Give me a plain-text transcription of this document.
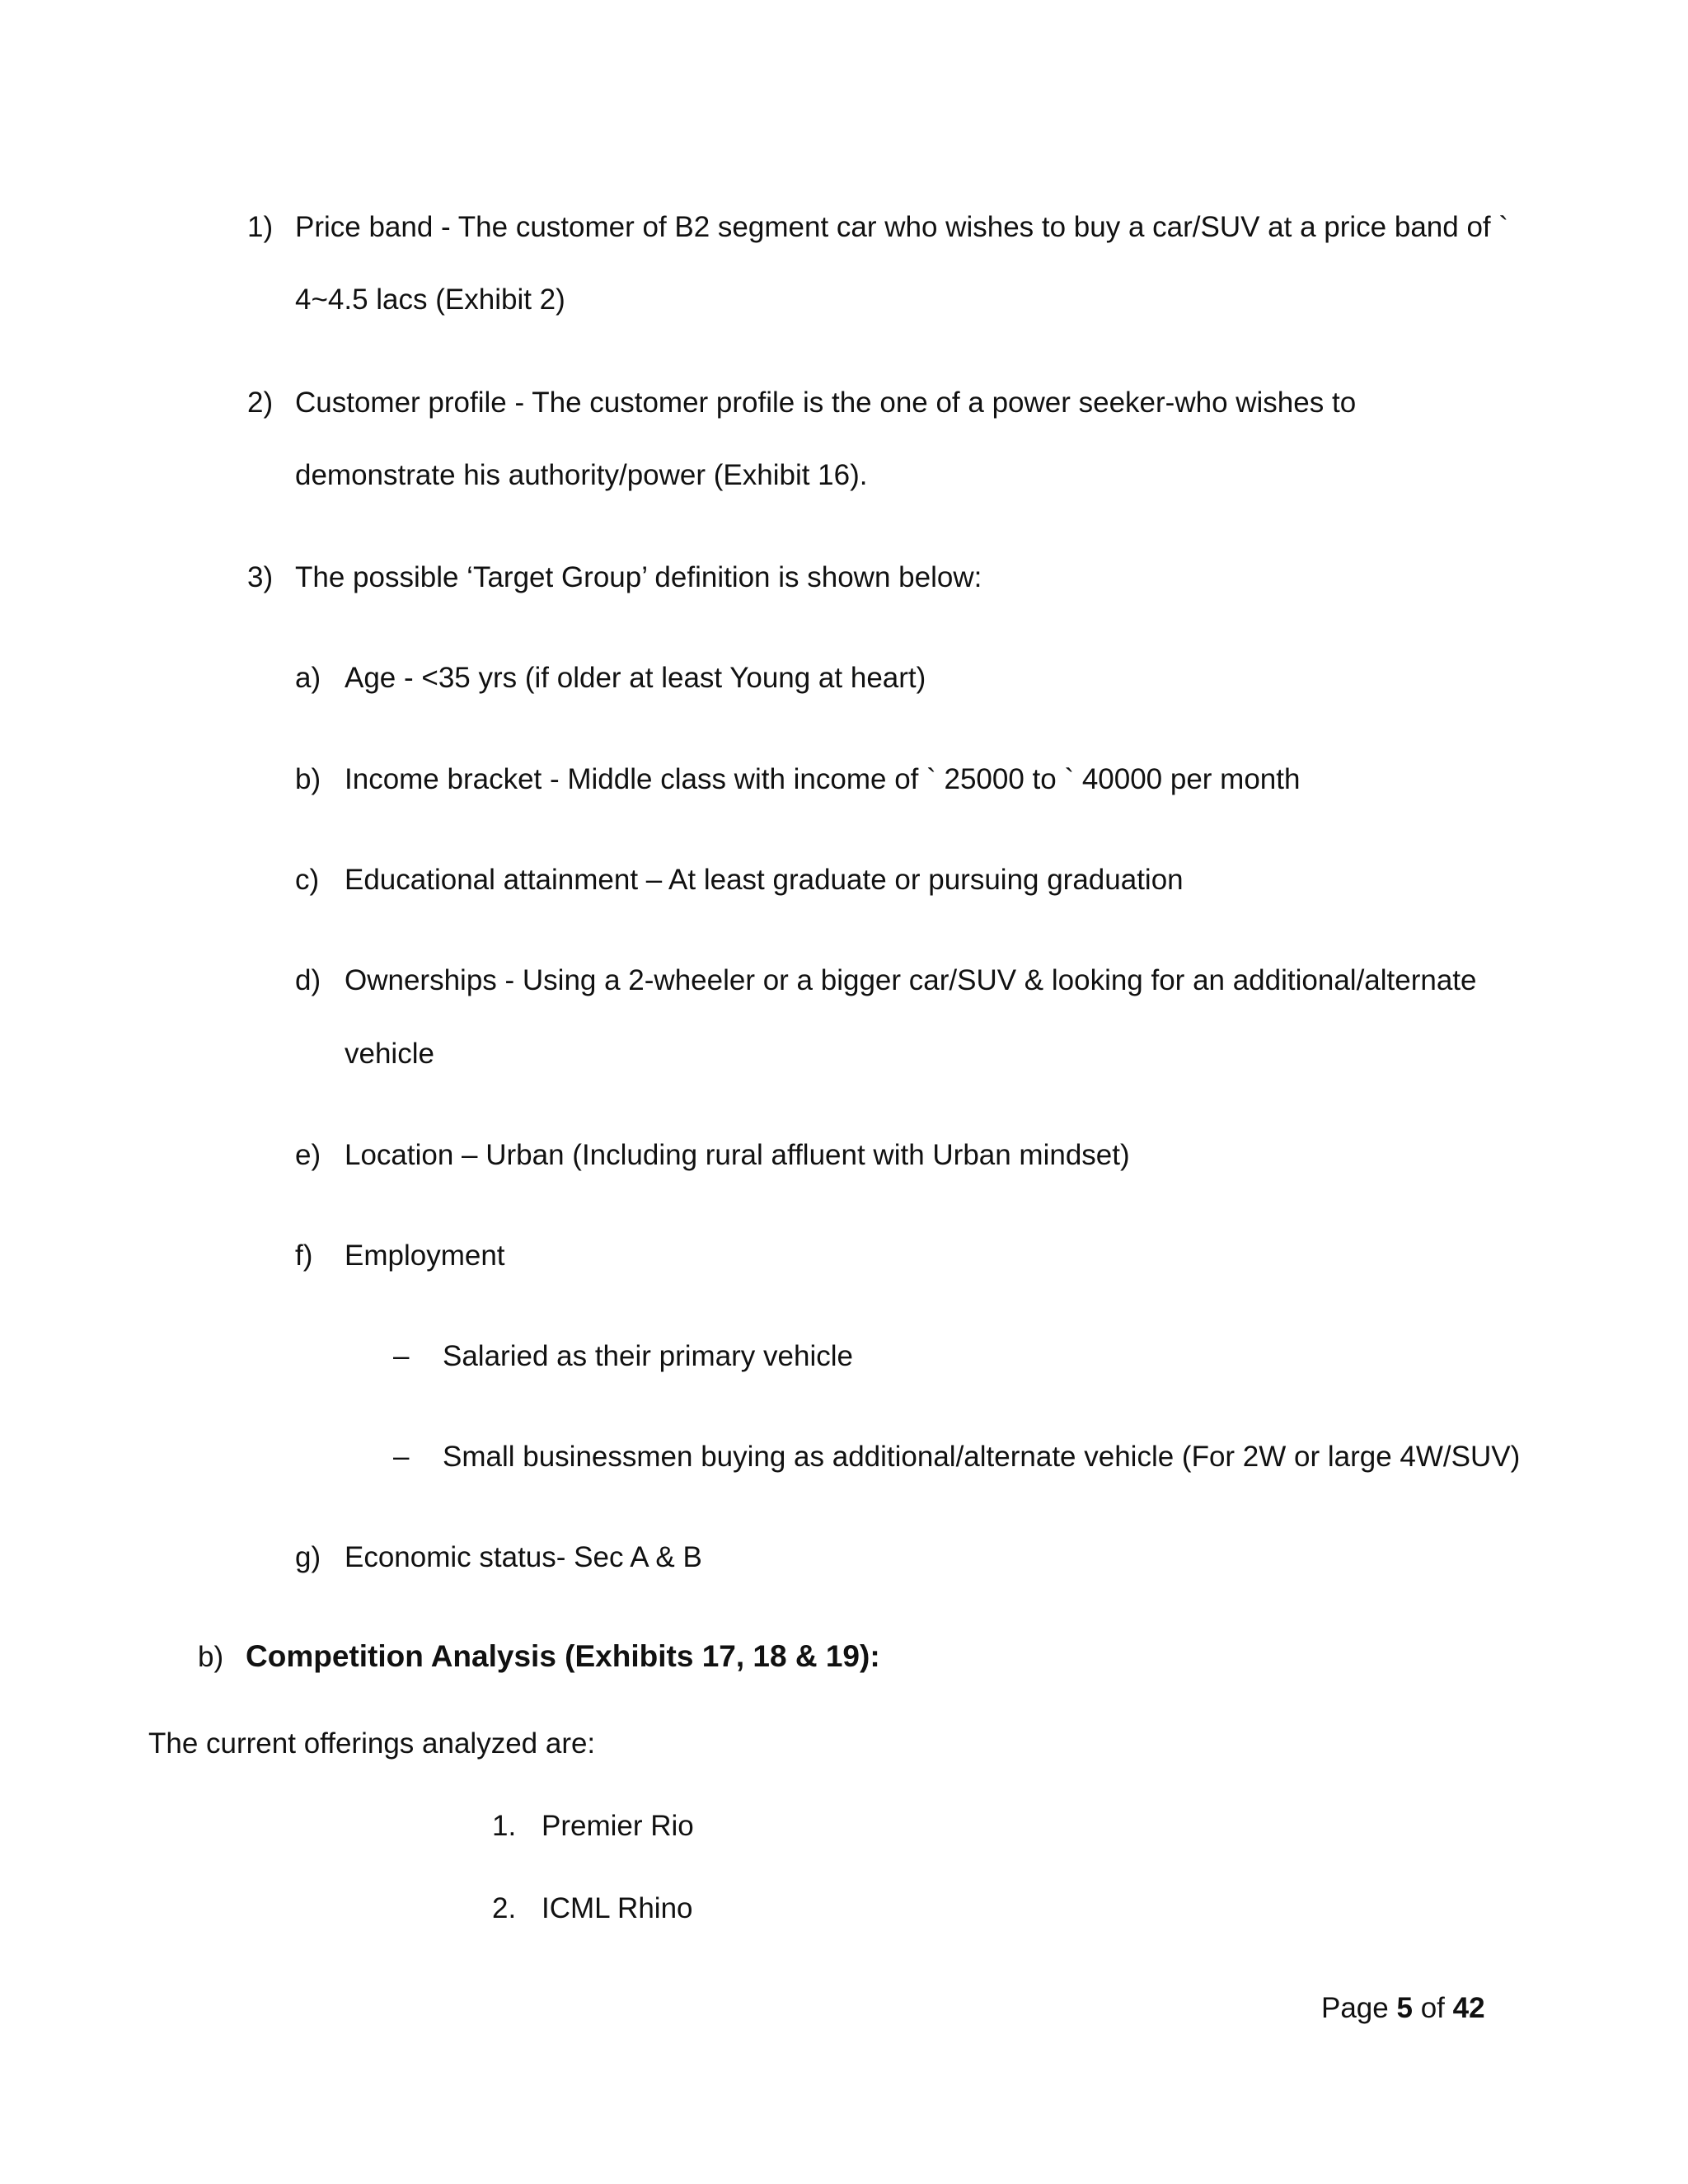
1) Price band - The customer of B2 segment car who wishes to buy a car/SUV at a price band of `
4~4.5 lacs (Exhibit 2)
2) Customer profile - The customer profile is the one of a power seeker-who wishes to
demonstrate his authority/power (Exhibit 16).
3) The possible ‘Target Group’ definition is shown below:
a) Age - <35 yrs (if older at least Young at heart)
b) Income bracket - Middle class with income of ` 25000 to ` 40000 per month
c) Educational attainment – At least graduate or pursuing graduation
d) Ownerships - Using a 2-wheeler or a bigger car/SUV & looking for an additional/alternate
vehicle
e) Location – Urban (Including rural affluent with Urban mindset)
f) Employment
– Salaried as their primary vehicle
– Small businessmen buying as additional/alternate vehicle (For 2W or large 4W/SUV)
g) Economic status- Sec A & B
b) Competition Analysis (Exhibits 17, 18 & 19):
The current offerings analyzed are:
1. Premier Rio
2. ICML Rhino
Page 5 of 42
